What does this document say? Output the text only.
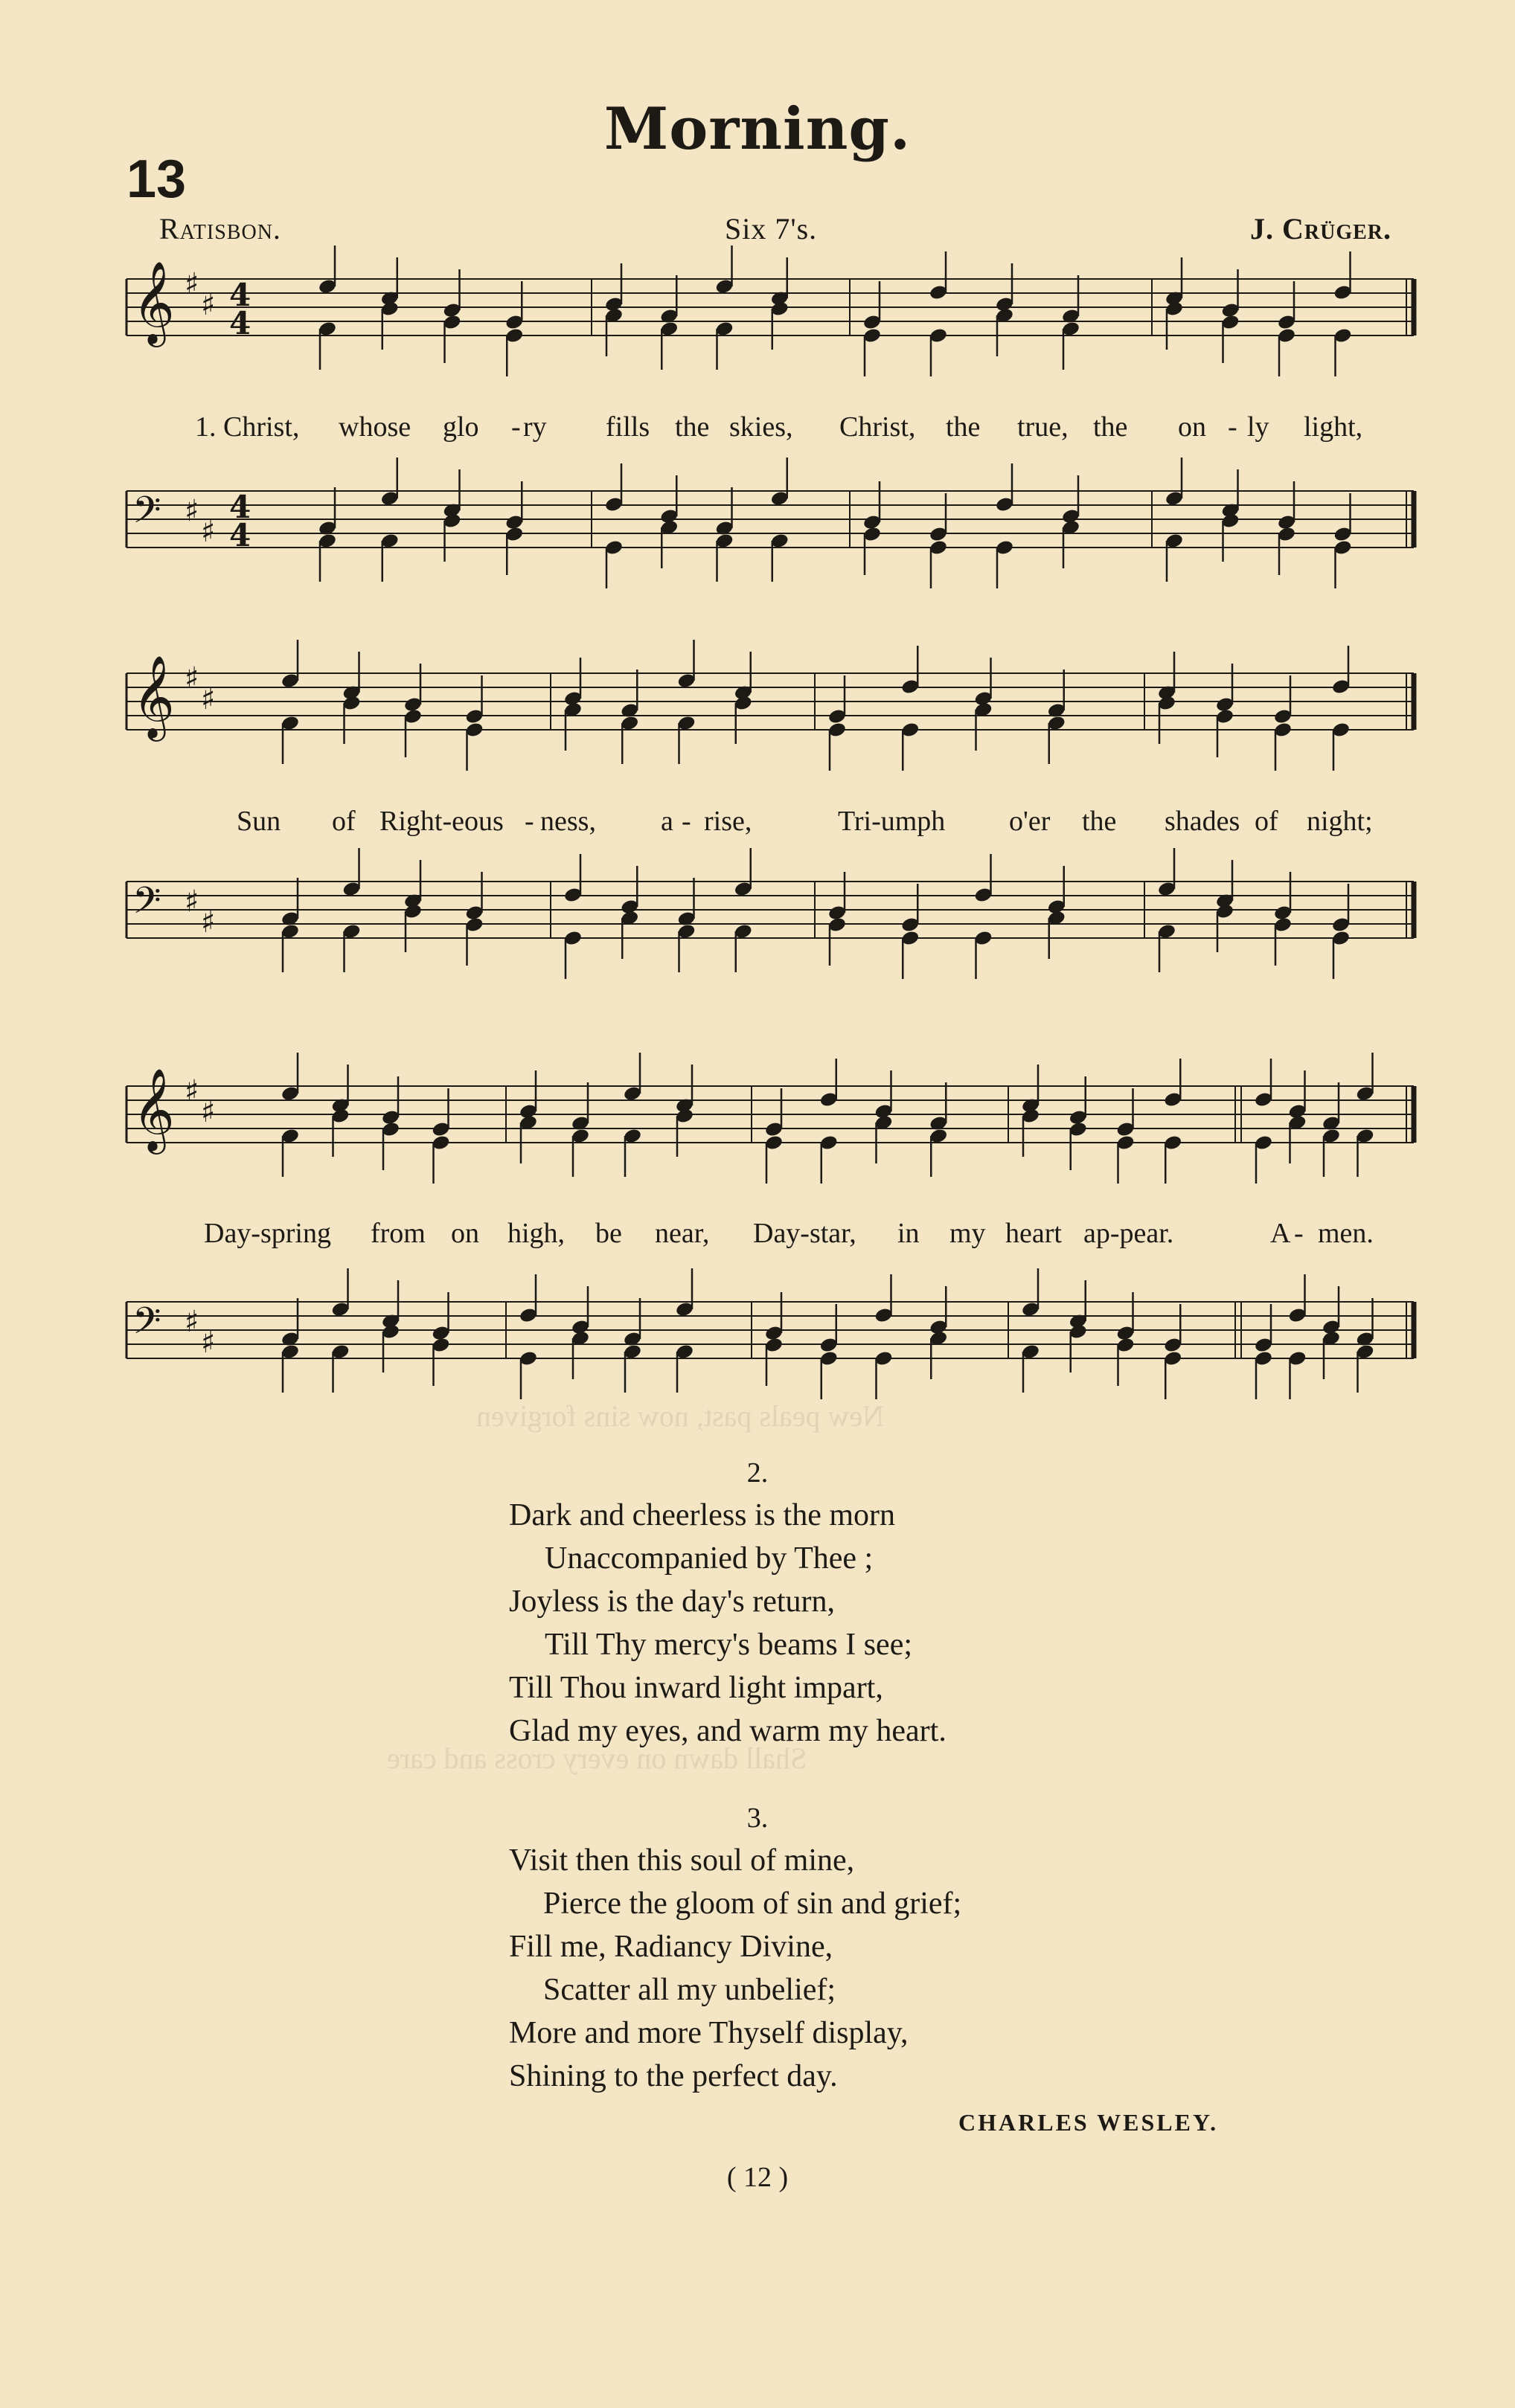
Morning.
13
Ratisbon.	Six 7's.	J. Crüger.
New peals past, now sins forgiven
Shall dawn on every cross and care
𝄞 ♯
♯ 4
4
𝄢 ♯
♯
4
4
𝄞 ♯
♯
𝄢 ♯
♯
𝄞 ♯
♯
𝄢 ♯
♯
1. Christ, whose glo - ry fills the skies, Christ, the true, the on - ly light,
Sun of Right-eous - ness, a - rise,	Tri-umph o'er the shades of night;
Day-spring from on high, be near, Day-star, in my heart ap-pear.	A - men.
2.
Dark and cheerless is the morn
Unaccompanied by Thee ;
Joyless is the day's return,
Till Thy mercy's beams I see;
Till Thou inward light impart,
Glad my eyes, and warm my heart.
3.
Visit then this soul of mine,
Pierce the gloom of sin and grief;
Fill me, Radiancy Divine,
Scatter all my unbelief;
More and more Thyself display,
Shining to the perfect day.
CHARLES WESLEY.
( 12 )
